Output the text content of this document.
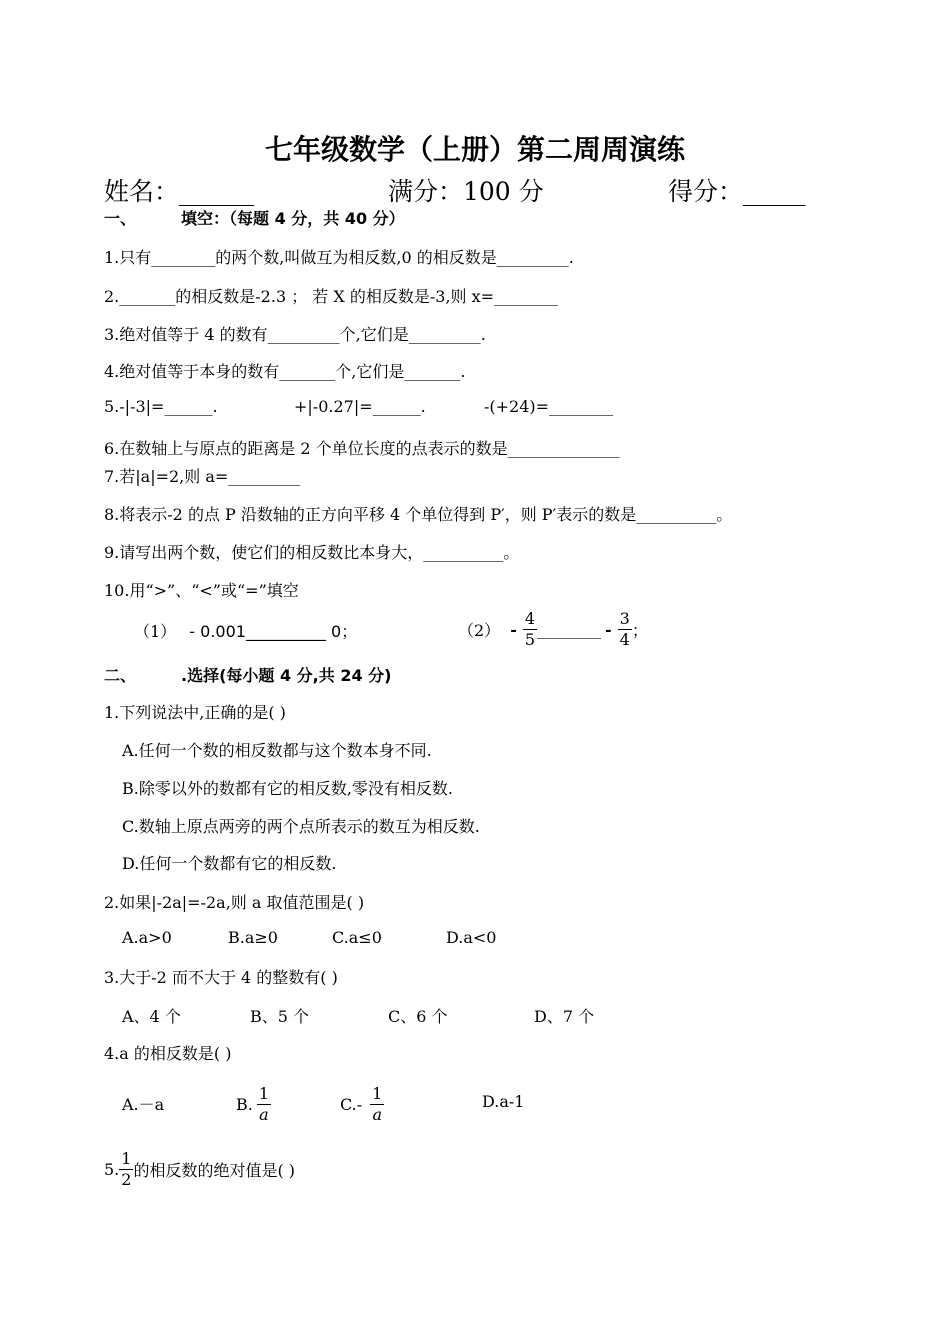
七年级数学（上册）第二周周演练
姓名：______	满分：100 分	得分：_____
一、	填空：（每题 4 分，共 40 分）
1.只有________的两个数,叫做互为相反数,0 的相反数是_________.
2._______的相反数是-2.3 ； 若 X 的相反数是-3,则 x=________
3.绝对值等于 4 的数有_________个,它们是_________.
4.绝对值等于本身的数有_______个,它们是_______.
5.-|-3|=______.	+|-0.27|=______.	-(+24)=________
6.在数轴上与原点的距离是 2 个单位长度的点表示的数是______________
7.若|a|=2,则 a=_________
8.将表示-2 的点 P 沿数轴的正方向平移 4 个单位得到 P′，则 P′表示的数是__________。
9.请写出两个数，使它们的相反数比本身大，__________。
10.用“>”、“<”或“=”填空
（1） - 0.001__________ 0；	$(2) - \frac{4}{5}$ ________ - $\frac{3}{4}$ ；
二、	.选择(每小题 4 分,共 24 分)
1.下列说法中,正确的是( )
A.任何一个数的相反数都与这个数本身不同.
B.除零以外的数都有它的相反数,零没有相反数.
C.数轴上原点两旁的两个点所表示的数互为相反数.
D.任何一个数都有它的相反数.
2.如果|-2a|=-2a,则 a 取值范围是( )
A.a>0	B.a≥0	C.a≤0	D.a<0
3.大于-2 而不大于 4 的整数有( )
A、4 个	B、5 个	C、6 个	D、7 个
4.a 的相反数是( )
A.－a	B. $\frac{1}{a}$	$C.- \frac{1}{a}$	D.a-1
5. $\frac{1}{2}$ 的相反数的绝对值是( )
